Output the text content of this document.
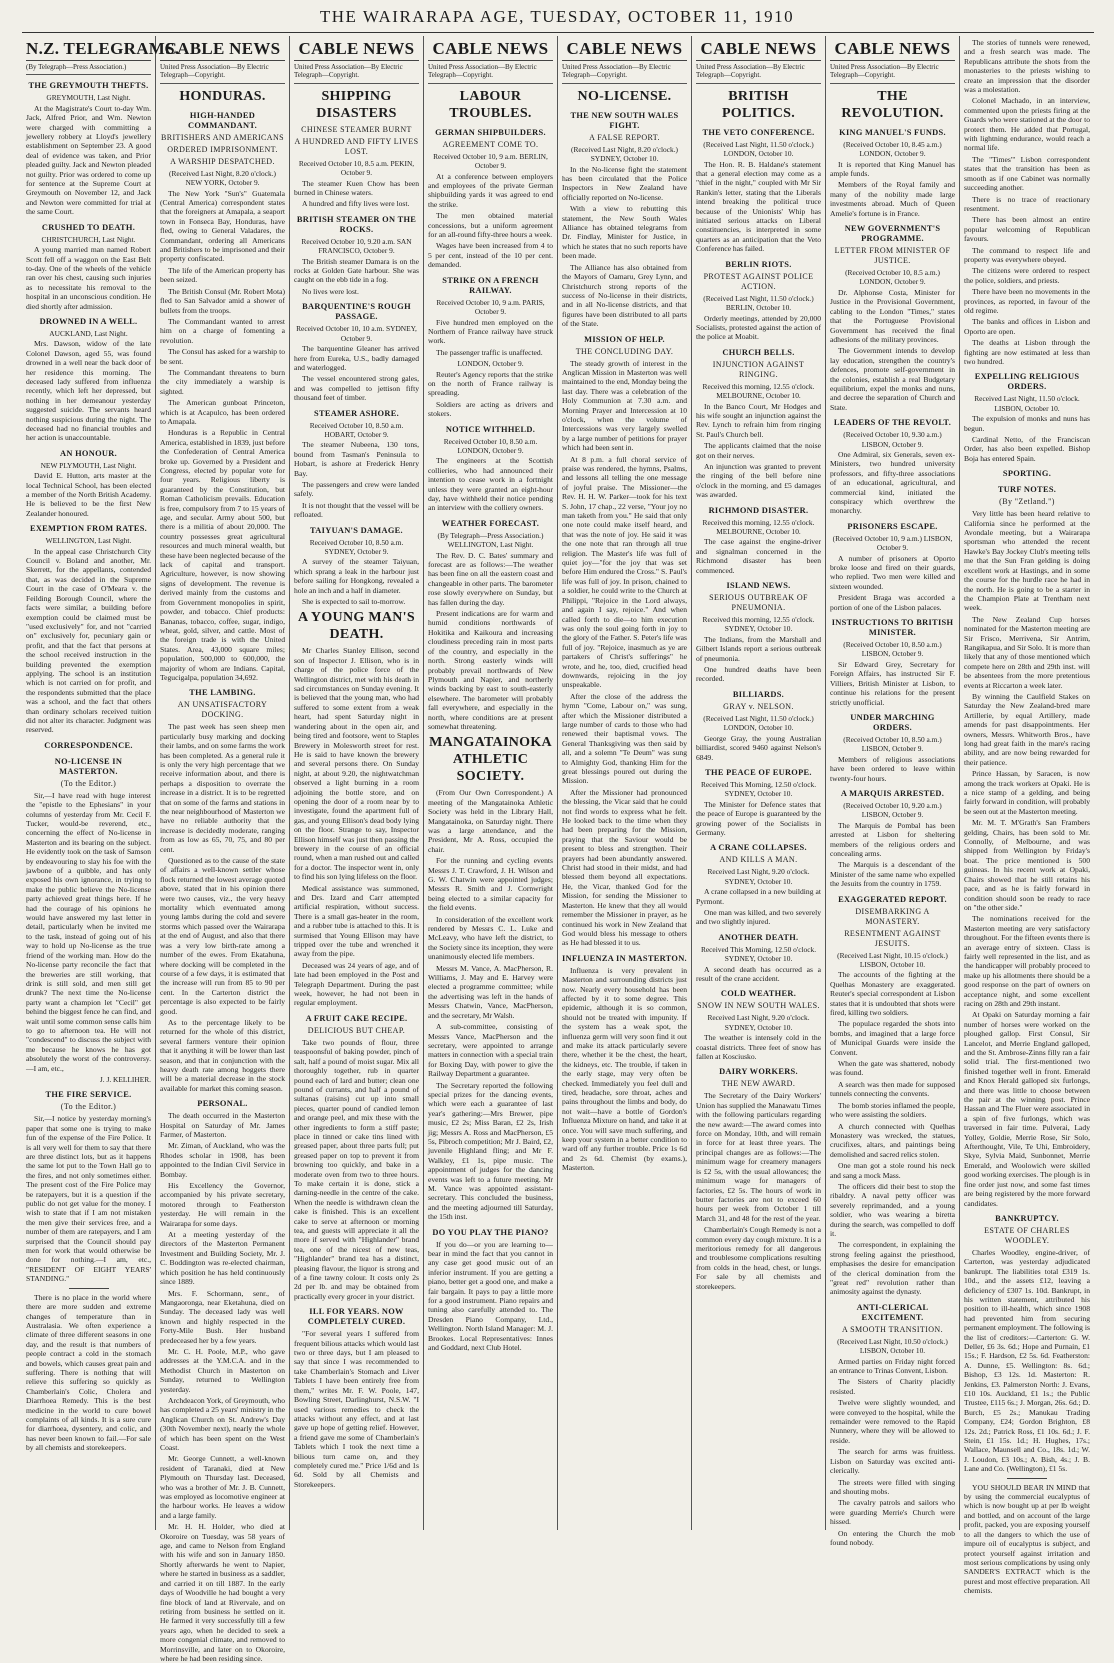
THE WAIRARAPA AGE, TUESDAY, OCTOBER 11, 1910
N.Z. TELEGRAMS.
(By Telegraph—Press Association.)
THE GREYMOUTH THEFTS.
GREYMOUTH, Last Night.
At the Magistrate's Court to-day Wm. Jack, Alfred Prior, and Wm. Newton were charged with committing a jewellery robbery at Lloyd's jewellery establishment on September 23. A good deal of evidence was taken, and Prior pleaded guilty. Jack and Newton pleaded not guilty. Prior was ordered to come up for sentence at the Supreme Court at Greymouth on November 12, and Jack and Newton were committed for trial at the same Court.
CRUSHED TO DEATH.
CHRISTCHURCH, Last Night.
A young married man named Robert Scott fell off a waggon on the East Belt to-day. One of the wheels of the vehicle ran over his chest, causing such injuries as to necessitate his removal to the hospital in an unconscious condition. He died shortly after admission.
DROWNED IN A WELL.
AUCKLAND, Last Night.
Mrs. Dawson, widow of the late Colonel Dawson, aged 55, was found drowned in a well near the back door of her residence this morning. The deceased lady suffered from influenza recently, which left her depressed, but nothing in her demeanour yesterday suggested suicide. The servants heard nothing suspicious during the night. The deceased had no financial troubles and her action is unaccountable.
AN HONOUR.
NEW PLYMOUTH, Last Night.
David E. Hutton, arts master at the local Technical School, has been elected a member of the North British Academy. He is believed to be the first New Zealander honoured.
EXEMPTION FROM RATES.
WELLINGTON, Last Night.
In the appeal case Christchurch City Council v. Boland and another, Mr. Skerrett, for the appellants, contended that, as was decided in the Supreme Court in the case of O'Meara v. the Feilding Borough Council, where the facts were similar, a building before exemption could be claimed must be "used exclusively" for, and not "carried on" exclusively for, pecuniary gain or profit, and that the fact that persons at the school received instruction in the building prevented the exemption applying. The school is an institution which is not carried on for profit, and the respondents submitted that the place was a school, and the fact that others than ordinary scholars received tuition did not alter its character. Judgment was reserved.
CORRESPONDENCE.
NO-LICENSE IN MASTERTON.
(To the Editor.)
Sir,—I have read with huge interest the "epistle to the Ephesians" in your columns of yesterday from Mr. Cecil F. Tucker, would-be reverend, etc., concerning the effect of No-license in Masterton and its bearing on the subject. He evidently took on the task of Samson by endeavouring to slay his foe with the jawbone of a quibble, and has only exposed his own ignorance, in trying to make the public believe the No-license party achieved great things here. If he had the courage of his opinions he would have answered my last letter in detail, particularly when he invited me to the task, instead of going out of his way to hold up No-license as the true friend of the working man. How do the No-license party reconcile the fact that the breweries are still working, that drink is still sold, and men still get drunk? The next time the No-license party want a champion let "Cecil" get behind the biggest fence he can find, and wait until some common sense calls him to go to afternoon tea. He will not "condescend" to discuss the subject with me because he knows he has got absolutely the worst of the controversy.—I am, etc.,
J. J. KELLIHER.
THE FIRE SERVICE.
(To the Editor.)
Sir,—I notice by yesterday morning's paper that some one is trying to make fun of the expense of the Fire Police. It is all very well for them to say that there are three distinct lots, but as it happens the same lot put to the Town Hall go to the fires, and not only sometimes either. The present cost of the Fire Police may be ratepayers, but it is a question if the public do not get value for the money. I wish to state that if I am not mistaken the men give their services free, and a number of them are ratepayers, and I am surprised that the Council should pay men for work that would otherwise be done for nothing.—I am, etc., "RESIDENT OF EIGHT YEARS' STANDING."
There is no place in the world where there are more sudden and extreme changes of temperature than in Australasia. We often experience a climate of three different seasons in one day, and the result is that numbers of people contract a cold in the stomach and bowels, which causes great pain and suffering. There is nothing that will relieve this suffering so quickly as Chamberlain's Colic, Cholera and Diarrhoea Remedy. This is the best medicine in the world to cure bowel complaints of all kinds. It is a sure cure for diarrhoea, dysentery, and colic, and has never been known to fail.—For sale by all chemists and storekeepers.
CABLE NEWS
United Press Association—By Electric Telegraph—Copyright.
HONDURAS.
HIGH-HANDED COMMANDANT.
BRITISHERS AND AMERICANS
ORDERED IMPRISONMENT.
A WARSHIP DESPATCHED.
(Received Last Night, 8.20 o'clock.) NEW YORK, October 9.
The New York "Sun's" Guatemala (Central America) correspondent states that the foreigners at Amapala, a seaport town in Fonseca Bay, Honduras, have fled, owing to General Valadares, the Commandant, ordering all Americans and Britishers to be imprisoned and their property confiscated.
The life of the American property has been seized.
The British Consul (Mr. Robert Mota) fled to San Salvador amid a shower of bullets from the troops.
The Commandant wanted to arrest him on a charge of fomenting a revolution.
The Consul has asked for a warship to be sent.
The Commandant threatens to burn the city immediately a warship is sighted.
The American gunboat Princeton, which is at Acapulco, has been ordered to Amapala.
Honduras is a Republic in Central America, established in 1839, just before the Confederation of Central America broke up. Governed by a President and Congress, elected by popular vote for four years. Religious liberty is guaranteed by the Constitution, but Roman Catholicism prevails. Education is free, compulsory from 7 to 15 years of age, and secular. Army about 500, but there is a militia of about 20,000. The country possesses great agricultural resources and much mineral wealth, but these have been neglected because of the lack of capital and transport. Agriculture, however, is now showing signs of development. The revenue is derived mainly from the customs and from Government monopolies in spirit, powder, and tobacco. Chief products: Bananas, tobacco, coffee, sugar, indigo, wheat, gold, silver, and cattle. Most of the foreign trade is with the United States. Area, 43,000 square miles; population, 500,000 to 600,000, the majority of whom are Indians. Capital, Tegucigalpa, population 34,692.
THE LAMBING.
AN UNSATISFACTORY DOCKING.
The past week has seen sheep men particularly busy marking and docking their lambs, and on some farms the work has been completed. As a general rule it is only the very high percentage that we receive information about, and there is perhaps a disposition to overrate the increase in a district. It is to be regretted that on some of the farms and stations in the near neighbourhood of Masterton we have no reliable authority that the increase is decidedly moderate, ranging from as low as 65, 70, 75, and 80 per cent.
Questioned as to the cause of the state of affairs a well-known settler whose flock returned the lowest average quoted above, stated that in his opinion there were two causes, viz., the very heavy mortality which eventuated among young lambs during the cold and severe storms which passed over the Wairarapa at the end of August, and also that there was a very low birth-rate among a number of the ewes. From Ekatahuna, where docking will be completed in the course of a few days, it is estimated that the increase will run from 85 to 90 per cent. In the Carterton district the percentage is also expected to be fairly good.
As to the percentage likely to be returned for the whole of this district, several farmers venture their opinion that it anything it will be lower than last season, and that in conjunction with the heavy death rate among hoggets there will be a material decrease in the stock available for market this coming season.
PERSONAL.
The death occurred in the Masterton Hospital on Saturday of Mr. James Farmer, of Masterton.
Mr. Ziman, of Auckland, who was the Rhodes scholar in 1908, has been appointed to the Indian Civil Service in Bombay.
His Excellency the Governor, accompanied by his private secretary, motored through to Featherston yesterday. He will remain in the Wairarapa for some days.
At a meeting yesterday of the directors of the Masterton Permanent Investment and Building Society, Mr. J. C. Boddington was re-elected chairman, which position he has held continuously since 1889.
Mrs. F. Schormann, senr., of Mangaoronga, near Eketahuna, died on Sunday. The deceased lady was well known and highly respected in the Forty-Mile Bush. Her husband predeceased her by a few years.
Mr. C. H. Poole, M.P., who gave addresses at the Y.M.C.A. and in the Methodist Church in Masterton on Sunday, returned to Wellington yesterday.
Archdeacon York, of Greymouth, who has completed a 25 years' ministry in the Anglican Church on St. Andrew's Day (30th November next), nearly the whole of which has been spent on the West Coast.
Mr. George Cunnett, a well-known resident of Taranaki, died at New Plymouth on Thursday last. Deceased, who was a brother of Mr. J. B. Cunnett, was employed as locomotive engineer at the harbour works. He leaves a widow and a large family.
Mr. H. H. Holder, who died at Okoroire on Tuesday, was 58 years of age, and came to Nelson from England with his wife and son in January 1850. Shortly afterwards he went to Napier, where he started in business as a saddler, and carried it on till 1887. In the early days of Woodville he had bought a very fine block of land at Rivervale, and on retiring from business he settled on it. He farmed it very successfully till a few years ago, when he decided to seek a more congenial climate, and removed to Morrinsville, and later on to Okoroire, where he had been residing since.
CABLE NEWS
United Press Association—By Electric Telegraph—Copyright.
SHIPPING DISASTERS
CHINESE STEAMER BURNT
A HUNDRED AND FIFTY LIVES LOST.
Received October 10, 8.5 a.m. PEKIN, October 9.
The steamer Kuen Chow has been burned in Chinese waters.
A hundred and fifty lives were lost.
BRITISH STEAMER ON THE ROCKS.
Received October 10, 9.20 a.m. SAN FRANCISCO, October 9.
The British steamer Damara is on the rocks at Golden Gate harbour. She was caught on the ebb tide in a fog.
No lives were lost.
BARQUENTINE'S ROUGH PASSAGE.
Received October 10, 10 a.m. SYDNEY, October 9.
The barquentine Gleaner has arrived here from Eureka, U.S., badly damaged and waterlogged.
The vessel encountered strong gales, and was compelled to jettison fifty thousand feet of timber.
STEAMER ASHORE.
Received October 10, 8.50 a.m. HOBART, October 9.
The steamer Nubeena, 130 tons, bound from Tasman's Peninsula to Hobart, is ashore at Frederick Henry Bay.
The passengers and crew were landed safely.
It is not thought that the vessel will be refloated.
TAIYUAN'S DAMAGE.
Received October 10, 8.50 a.m. SYDNEY, October 9.
A survey of the steamer Taiyuan, which sprang a leak in the harbour just before sailing for Hongkong, revealed a hole an inch and a half in diameter.
She is expected to sail to-morrow.
A YOUNG MAN'S DEATH.
Mr Charles Stanley Ellison, second son of Inspector J. Ellison, who is in charge of the police force of the Wellington district, met with his death in sad circumstances on Sunday evening. It is believed that the young man, who had suffered to some extent from a weak heart, had spent Saturday night in wandering about in the open air, and being tired and footsore, went to Staples Brewery in Molesworth street for rest. He is said to have known the brewery and several persons there. On Sunday night, at about 9.20, the nightwatchman observed a light burning in a room adjoining the bottle store, and on opening the door of a room near by to investigate, found the apartment full of gas, and young Ellison's dead body lying on the floor. Strange to say, Inspector Ellison himself was just then passing the brewery in the course of an official round, when a man rushed out and called for a doctor. The inspector went in, only to find his son lying lifeless on the floor.
Medical assistance was summoned, and Drs. Izard and Carr attempted artificial respiration, without success. There is a small gas-heater in the room, and a rubber tube is attached to this. It is surmised that Young Ellison may have tripped over the tube and wrenched it away from the pipe.
Deceased was 24 years of age, and of late had been employed in the Post and Telegraph Department. During the past week, however, he had not been in regular employment.
A FRUIT CAKE RECIPE.
DELICIOUS BUT CHEAP.
Take two pounds of flour, three teaspoonsful of baking powder, pinch of salt, half a pound of moist sugar. Mix all thoroughly together, rub in quarter pound each of lard and butter; clean one pound of currants, and half a pound of sultanas (raisins) cut up into small pieces, quarter pound of candied lemon and orange peel, and mix these with the other ingredients to form a stiff paste; place in tinned or cake tins lined with greased paper, about three parts full; put greased paper on top to prevent it from browning too quickly, and bake in a moderate oven from two to three hours. To make certain it is done, stick a darning-needle in the centre of the cake. When the needle is withdrawn clean the cake is finished. This is an excellent cake to serve at afternoon or morning tea, and guests will appreciate it all the more if served with "Highlander" brand tea, one of the nicest of new teas, "Highlander" brand tea has a distinct, pleasing flavour, the liquor is strong and of a fine tawny colour. It costs only 2s 2d per lb. and may be obtained from practically every grocer in your district.
ILL FOR YEARS. NOW COMPLETELY CURED.
"For several years I suffered from frequent bilious attacks which would last two or three days, but I am pleased to say that since I was recommended to take Chamberlain's Stomach and Liver Tablets I have been entirely free from them," writes Mr. F. W. Poole, 147, Bowling Street, Darlinghurst, N.S.W. "I used various remedies to check the attacks without any effect, and at last gave up hope of getting relief. However, a friend gave me some of Chamberlain's Tablets which I took the next time a bilious turn came on, and they completely cured me." Price 1/6d and 1s 6d. Sold by all Chemists and Storekeepers.
CABLE NEWS
United Press Association—By Electric Telegraph—Copyright.
LABOUR TROUBLES.
GERMAN SHIPBUILDERS.
AGREEMENT COME TO.
Received October 10, 9 a.m. BERLIN, October 9.
At a conference between employers and employees of the private German shipbuilding yards it was agreed to end the strike.
The men obtained material concessions, but a uniform agreement for an all-round fifty-three hours a week.
Wages have been increased from 4 to 5 per cent, instead of the 10 per cent. demanded.
STRIKE ON A FRENCH RAILWAY.
Received October 10, 9 a.m. PARIS, October 9.
Five hundred men employed on the Northern of France railway have struck work.
The passenger traffic is unaffected.
LONDON, October 9.
Reuter's Agency reports that the strike on the north of France railway is spreading.
Soldiers are acting as drivers and stokers.
NOTICE WITHHELD.
Received October 10, 8.50 a.m. LONDON, October 9.
The engineers at the Scottish collieries, who had announced their intention to cease work in a fortnight unless they were granted an eight-hour day, have withheld their notice pending an interview with the colliery owners.
WEATHER FORECAST.
(By Telegraph—Press Association.) WELLINGTON, Last Night.
The Rev. D. C. Bates' summary and forecast are as follows:—The weather has been fine on all the eastern coast and changeable in other parts. The barometer rose slowly everywhere on Sunday, but has fallen during the day.
Present indications are for warm and humid conditions northwards of Hokitika and Kaikoura and increasing cloudiness preceding rain in most parts of the country, and especially in the north. Strong easterly winds will probably prevail northwards of New Plymouth and Napier, and northerly winds backing by east to south-easterly elsewhere. The barometer will probably fall everywhere, and especially in the north, where conditions are at present somewhat threatening.
MANGATAINOKA ATHLETIC SOCIETY.
(From Our Own Correspondent.) A meeting of the Mangatainoka Athletic Society was held in the Library Hall, Mangatainoka, on Saturday night. There was a large attendance, and the President, Mr A. Ross, occupied the chair.
For the running and cycling events Messrs J. T. Crawford, J. H. Wilson and G. W. Chatwin were appointed judges; Messrs R. Smith and J. Cornwright being elected to a similar capacity for the field events.
In consideration of the excellent work rendered by Messrs C. L. Luke and McLeavy, who have left the district, to the Society since its inception, they were unanimously elected life members.
Messrs M. Vance, A. MacPherson, R. Williams, J. May and E. Harvey were elected a programme committee; while the advertising was left in the hands of Messrs Chatwin, Vance, MacPherson, and the secretary, Mr Walsh.
A sub-committee, consisting of Messrs Vance, MacPherson and the secretary, were appointed to arrange matters in connection with a special train for Boxing Day, with power to give the Railway Department a guarantee.
The Secretary reported the following special prizes for the dancing events, which were each a guarantee of last year's gathering:—Mrs Brewer, pipe music, £2 2s; Miss Baran, £2 2s, Irish jig; Messrs A. Ross and MacPherson, £5 5s, Pibroch competition; Mr J. Baird, £2, juvenile Highland fling; and Mr F. Walkley, £1 1s, pipe music. The appointment of judges for the dancing events was left to a future meeting. Mr M. Vance was appointed assistant-secretary. This concluded the business, and the meeting adjourned till Saturday, the 15th inst.
DO YOU PLAY THE PIANO?
If you do—or you are learning to—bear in mind the fact that you cannot in any case get good music out of an inferior instrument. If you are getting a piano, better get a good one, and make a fair bargain. It pays to pay a little more for a good instrument. Piano repairs and tuning also carefully attended to. The Dresden Piano Company, Ltd., Wellington. North Island Manager: M. J. Brookes. Local Representatives: Innes and Goddard, next Club Hotel.
CABLE NEWS
United Press Association—By Electric Telegraph—Copyright.
NO-LICENSE.
THE NEW SOUTH WALES FIGHT.
A FALSE REPORT.
(Received Last Night, 8.20 o'clock.) SYDNEY, October 10.
In the No-license fight the statement has been circulated that the Police Inspectors in New Zealand have officially reported on No-license.
With a view to rebutting this statement, the New South Wales Alliance has obtained telegrams from Dr. Findlay, Minister for Justice, in which he states that no such reports have been made.
The Alliance has also obtained from the Mayors of Oamaru, Grey Lynn, and Christchurch strong reports of the success of No-license in their districts, and in all No-license districts, and that figures have been distributed to all parts of the State.
MISSION OF HELP.
THE CONCLUDING DAY.
The steady growth of interest in the Anglican Mission in Masterton was well maintained to the end, Monday being the last day. There was a celebration of the Holy Communion at 7.30 a.m. and Morning Prayer and Intercession at 10 o'clock, when the volume of Intercessions was very largely swelled by a large number of petitions for prayer which had been sent in.
At 8 p.m. a full choral service of praise was rendered, the hymns, Psalms, and lessons all telling the one message of joyful praise. The Missioner—the Rev. H. H. W. Parker—took for his text S. John, 17 chap., 22 verse, "Your joy no man taketh from you." He said that only one note could make itself heard, and that was the note of joy. He said it was the one note that ran through all true religion. The Master's life was full of quiet joy—"for the joy that was set before Him endured the Cross." S. Paul's life was full of joy. In prison, chained to a soldier, he could write to the Church at Philippi, "Rejoice in the Lord always, and again I say, rejoice." And when called forth to die—to him execution was only the soul going forth in joy to the glory of the Father. S. Peter's life was full of joy. "Rejoice, inasmuch as ye are partakers of Christ's sufferings" he wrote, and he, too, died, crucified head downwards, rejoicing in the joy unspeakable.
After the close of the address the hymn "Come, Labour on," was sung, after which the Missioner distributed a large number of cards to those who had renewed their baptismal vows. The General Thanksgiving was then said by all, and a solemn "Te Deum" was sung to Almighty God, thanking Him for the great blessings poured out during the Mission.
After the Missioner had pronounced the blessing, the Vicar said that he could not find words to express what he felt. He looked back to the time when they had been preparing for the Mission, praying that the Saviour would be present to bless and strengthen. Their prayers had been abundantly answered. Christ had stood in their midst, and had blessed them beyond all expectations. He, the Vicar, thanked God for the Mission, for sending the Missioner to Masterton. He knew that they all would remember the Missioner in prayer, as he continued his work in New Zealand that God would bless his message to others as He had blessed it to us.
INFLUENZA IN MASTERTON.
Influenza is very prevalent in Masterton and surrounding districts just now. Nearly every household has been affected by it to some degree. This epidemic, although it is so common, should not be treated with impunity. If the system has a weak spot, the influenza germ will very soon find it out and make its attack particularly severe there, whether it be the chest, the heart, the kidneys, etc. The trouble, if taken in the early stage, may very often be checked. Immediately you feel dull and tired, headache, sore throat, aches and pains throughout the limbs and body, do not wait—have a bottle of Gordon's Influenza Mixture on hand, and take it at once. You will save much suffering, and keep your system in a better condition to ward off any further trouble. Price 1s 6d and 2s 6d. Chemist (by exams.), Masterton.
CABLE NEWS
United Press Association—By Electric Telegraph—Copyright.
BRITISH POLITICS.
THE VETO CONFERENCE.
(Received Last Night, 11.50 o'clock.) LONDON, October 10.
The Hon. R. B. Haldane's statement that a general election may come as a "thief in the night," coupled with Mr Sir Rankin's letter, stating that the Liberals intend breaking the political truce because of the Unionists' Whip has initiated serious attacks on Liberal constituencies, is interpreted in some quarters as an anticipation that the Veto Conference has failed.
BERLIN RIOTS.
PROTEST AGAINST POLICE ACTION.
(Received Last Night, 11.50 o'clock.) BERLIN, October 10.
Orderly meetings, attended by 20,000 Socialists, protested against the action of the police at Moabit.
CHURCH BELLS.
INJUNCTION AGAINST RINGING.
Received this morning, 12.55 o'clock. MELBOURNE, October 10.
In the Banco Court, Mr Hodges and his wife sought an injunction against the Rev. Lynch to refrain him from ringing St. Paul's Church bell.
The applicants claimed that the noise got on their nerves.
An injunction was granted to prevent the ringing of the bell before nine o'clock in the morning, and £5 damages was awarded.
RICHMOND DISASTER.
Received this morning, 12.55 o'clock. MELBOURNE, October 10.
The case against the engine-driver and signalman concerned in the Richmond disaster has been commenced.
ISLAND NEWS.
SERIOUS OUTBREAK OF PNEUMONIA.
Received this morning, 12.55 o'clock. SYDNEY, October 10.
The Indians, from the Marshall and Gilbert Islands report a serious outbreak of pneumonia.
One hundred deaths have been recorded.
BILLIARDS.
GRAY v. NELSON.
(Received Last Night, 11.50 o'clock.) LONDON, October 10.
George Gray, the young Australian billiardist, scored 9460 against Nelson's 6849.
THE PEACE OF EUROPE.
Received This Morning, 12.50 o'clock. SYDNEY, October 10.
The Minister for Defence states that the peace of Europe is guaranteed by the growing power of the Socialists in Germany.
A CRANE COLLAPSES.
AND KILLS A MAN.
Received Last Night, 9.20 o'clock. SYDNEY, October 10.
A crane collapsed in a new building at Pyrmont.
One man was killed, and two severely and two slightly injured.
ANOTHER DEATH.
Received This Morning, 12.50 o'clock. SYDNEY, October 10.
A second death has occurred as a result of the crane accident.
COLD WEATHER.
SNOW IN NEW SOUTH WALES.
Received Last Night, 9.20 o'clock. SYDNEY, October 10.
The weather is intensely cold in the coastal districts. Three feet of snow has fallen at Kosciusko.
DAIRY WORKERS.
THE NEW AWARD.
The Secretary of the Dairy Workers' Union has supplied the Manawatu Times with the following particulars regarding the new award:—The award comes into force on Monday, 10th, and will remain in force for at least three years. The principal changes are as follows:—The minimum wage for creamery managers is £2 5s, with the usual allowances; the minimum wage for managers of factories, £2 5s. The hours of work in butter factories are not to exceed 60 hours per week from October 1 till March 31, and 48 for the rest of the year.
Chamberlain's Cough Remedy is not a common every day cough mixture. It is a meritorious remedy for all dangerous and troublesome complications resulting from colds in the head, chest, or lungs. For sale by all chemists and storekeepers.
CABLE NEWS
United Press Association—By Electric Telegraph—Copyright.
THE REVOLUTION.
KING MANUEL'S FUNDS.
(Received October 10, 8.45 a.m.) LONDON, October 9.
It is reported that King Manuel has ample funds.
Members of the Royal family and many of the nobility made large investments abroad. Much of Queen Amelie's fortune is in France.
NEW GOVERNMENT'S PROGRAMME.
LETTER FROM MINISTER OF JUSTICE.
(Received October 10, 8.5 a.m.) LONDON, October 9.
Dr. Alphonse Costa, Minister for Justice in the Provisional Government, cabling to the London "Times," states that the Portuguese Provisional Government has received the final adhesions of the military provinces.
The Government intends to develop lay education, strengthen the country's defences, promote self-government in the colonies, establish a real Budgetary equilibrium, expel the monks and nuns, and decree the separation of Church and State.
LEADERS OF THE REVOLT.
(Received October 10, 9.30 a.m.) LISBON, October 9.
One Admiral, six Generals, seven ex-Ministers, two hundred university professors, and fifty-three associations of an educational, agricultural, and commercial kind, initiated the conspiracy which overthrew the monarchy.
PRISONERS ESCAPE.
(Received October 10, 9 a.m.) LISBON, October 9.
A number of prisoners at Oporto broke loose and fired on their guards, who replied. Two men were killed and sixteen wounded.
President Braga was accorded a portion of one of the Lisbon palaces.
INSTRUCTIONS TO BRITISH MINISTER.
(Received October 10, 8.50 a.m.) LISBON, October 9.
Sir Edward Grey, Secretary for Foreign Affairs, has instructed Sir F. Villiers, British Minister at Lisbon, to continue his relations for the present strictly unofficial.
UNDER MARCHING ORDERS.
(Received October 10, 8.50 a.m.) LISBON, October 9.
Members of religious associations have been ordered to leave within twenty-four hours.
A MARQUIS ARRESTED.
(Received October 10, 9.20 a.m.) LISBON, October 9.
The Marquis de Pombal has been arrested at Lisbon for sheltering members of the religious orders and concealing arms.
The Marquis is a descendant of the Minister of the same name who expelled the Jesuits from the country in 1759.
EXAGGERATED REPORT.
DISEMBARKING A MONASTERY.
RESENTMENT AGAINST JESUITS.
(Received Last Night, 10.15 o'clock.) LISBON, October 10.
The accounts of the fighting at the Quelhas Monastery are exaggerated. Reuter's special correspondent at Lisbon states that it is undoubted that shots were fired, killing two soldiers.
The populace regarded the shots into bombs, and imagined that a large force of Municipal Guards were inside the Convent.
When the gate was shattered, nobody was found.
A search was then made for supposed tunnels connecting the convents.
The bomb stories inflamed the people, who were assisting the soldiers.
A church connected with Quelhas Monastery was wrecked, the statues, crucifixes, altars, and paintings being demolished and sacred relics stolen.
One man got a stole round his neck and sang a mock Mass.
The officers did their best to stop the ribaldry. A naval petty officer was severely reprimanded, and a young soldier, who was wearing a biretta during the search, was compelled to doff it.
The correspondent, in explaining the strong feeling against the priesthood, emphasises the desire for emancipation of the clerical domination from the "great red" revolution rather than animosity against the dynasty.
ANTI-CLERICAL EXCITEMENT.
A SMOOTH TRANSITION.
(Received Last Night, 10.50 o'clock.) LISBON, October 10.
Armed parties on Friday night forced an entrance to Trinas Convent, Lisbon.
The Sisters of Charity placidly resisted.
Twelve were slightly wounded, and were conveyed to the hospital, while the remainder were removed to the Rapid Nunnery, where they will be allowed to reside.
The search for arms was fruitless. Lisbon on Saturday was excited anti-clerically.
The streets were filled with singing and shouting mobs.
The cavalry patrols and sailors who were guarding Merrie's Church were hissed.
On entering the Church the mob found nobody.
The stories of tunnels were renewed, and a fresh search was made. The Republicans attribute the shots from the monasteries to the priests wishing to create an impression that the disorder was a molestation.
Colonel Machado, in an interview, commented upon the priests firing at the Guards who were stationed at the door to protect them. He added that Portugal, with lightning endurance, would reach a normal life.
The "Times'" Lisbon correspondent states that the transition has been as smooth as if one Cabinet was normally succeeding another.
There is no trace of reactionary resentment.
There has been almost an entire popular welcoming of Republican favours.
The command to respect life and property was everywhere obeyed.
The citizens were ordered to respect the police, soldiers, and priests.
There have been no movements in the provinces, as reported, in favour of the old regime.
The banks and offices in Lisbon and Oporto are open.
The deaths at Lisbon through the fighting are now estimated at less than two hundred.
EXPELLING RELIGIOUS ORDERS.
Received Last Night, 11.50 o'clock. LISBON, October 10.
The expulsion of monks and nuns has begun.
Cardinal Netto, of the Franciscan Order, has also been expelled. Bishop Boja has entered Spain.
SPORTING.
TURF NOTES.
(By "Zetland.")
Very little has been heard relative to California since he performed at the Avondale meeting, but a Wairarapa sportsman who attended the recent Hawke's Bay Jockey Club's meeting tells me that the Sun Fran gelding is doing excellent work at Hastings, and in some the course for the hurdle race he had in the north. He is going to be a starter in the Champion Plate at Trentham next week.
The New Zealand Cup horses nominated for the Masterton meeting are Sir Frisco, Merrivena, Sir Antrim, Rangikapua, and Sir Solo. It is more than likely that any of those mentioned which compete here on 28th and 29th inst. will be absentees from the more pretentious events at Riccarton a week later.
By winning the Caulfield Stakes on Saturday the New Zealand-bred mare Artillerie, by equal Artillery, made amends for past disappointments. Her owners, Messrs. Whitworth Bros., have long had great faith in the mare's racing ability, and are now being rewarded for their patience.
Prince Hassan, by Saracen, is now among the track workers at Opaki. He is a nice stamp of a gelding, and being fairly forward in condition, will probably be seen out at the Masterton meeting.
Mr. M. T. M'Grath's San Frambers gelding, Chairs, has been sold to Mr. Connolly, of Melbourne, and was shipped from Wellington by Friday's boat. The price mentioned is 500 guineas. In his recent work at Opaki, Chairs showed that he still retains his pace, and as he is fairly forward in condition should soon be ready to race on "the other side."
The nominations received for the Masterton meeting are very satisfactory throughout. For the fifteen events there is an average entry of sixteen. Class is fairly well represented in the list, and as the handicapper will probably proceed to make up his allotments there should be a good response on the part of owners on acceptance night, and some excellent racing on 28th and 29th instant.
At Opaki on Saturday morning a fair number of horses were worked on the ploughed gallop. First Consul, Sir Lancelot, and Merrie England galloped, and the St. Ambrose-Zinns filly ran a fair solid trial. The first-mentioned two finished together well in front. Emerald and Knox Herald galloped six furlongs, and there was little to choose between the pair at the winning post. Prince Hassan and The Fluer were associated in a spin of five furlongs, which was traversed in fair time. Pulverai, Lady Yolley, Goldie, Merrie Rose, Sir Solo, Afterthought, Vile, Te Uhi, Embroidery, Skye, Sylvia Maid, Sunbonnet, Merrie Emerald, and Woolowich were skilled good working exercises. The plough is in fine order just now, and some fast times are being registered by the more forward candidates.
BANKRUPTCY.
ESTATE OF CHARLES WOODLEY.
Charles Woodley, engine-driver, of Carterton, was yesterday adjudicated bankrupt. The liabilities total £319 1s. 10d., and the assets £12, leaving a deficiency of £307 1s. 10d. Bankrupt, in his written statement, attributed his position to ill-health, which since 1908 had prevented him from securing permanent employment. The following is the list of creditors:—Carterton: G. W. Deller, £6 3s. 6d.; Hope and Purnain, £1 15s.; F. Hardson, £2 5s. 6d. Featherston: A. Dunne, £5. Wellington: 8s. 6d.; Bishop, £3 12s. 1d. Masterton: R. Jenkins, £3. Palmerston North: J. Evans, £10 10s. Auckland, £1 1s.; the Public Trustee, £115 6s.; J. Morgan, 26s. 6d.; D. Burch, £5 2s.; Manukau Trading Company, £24; Gordon Brighton, £8 12s. 2d.; Patrick Ross, £1 10s. 6d.; J. F. Stein, £1 15s. 1d.; H. Hughes, 17s.; Wallace, Maunsell and Co., 18s. 1d.; W. J. Loudon, £3 10s.; A. Bish, 4s.; J. B. Lane and Co. (Wellington), £1 5s.
YOU SHOULD BEAR IN MIND that by using the commercial eucalyptus of which is now bought up at per lb weight and bottled, and on account of the large profit, packed, you are exposing yourself to all the dangers to which the use of impure oil of eucalyptus is subject, and protect yourself against irritation and most serious complications by using only SANDER'S EXTRACT which is the purest and most effective preparation. All chemists.
